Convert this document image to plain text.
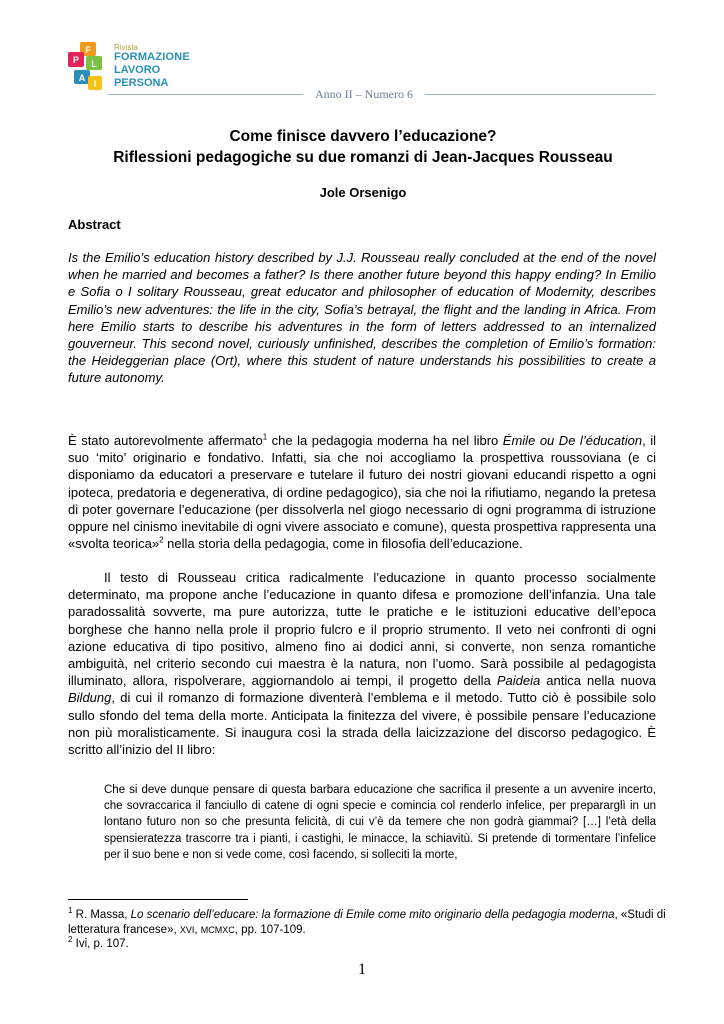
F
P L
A
I
Rivista
FORMAZIONE
LAVORO
PERSONA
Anno II – Numero 6
Come finisce davvero l’educazione?
Riflessioni pedagogiche su due romanzi di Jean-Jacques Rousseau
Jole Orsenigo
Abstract
Is the Emilio’s education history described by J.J. Rousseau really concluded at the end of the novel when he married and becomes a father? Is there another future beyond this happy ending? In Emilio e Sofia o I solitary Rousseau, great educator and philosopher of education of Modernity, describes Emilio’s new adventures: the life in the city, Sofia’s betrayal, the flight and the landing in Africa. From here Emilio starts to describe his adventures in the form of letters addressed to an internalized gouverneur. This second novel, curiously unfinished, describes the completion of Emilio’s formation: the Heideggerian place (Ort), where this student of nature understands his possibilities to create a future autonomy.
È stato autorevolmente affermato$^1$ che la pedagogia moderna ha nel libro Émile ou De l’éducation, il suo ‘mito’ originario e fondativo. Infatti, sia che noi accogliamo la prospettiva roussoviana (e ci disponiamo da educatori a preservare e tutelare il futuro dei nostri giovani educandi rispetto a ogni ipoteca, predatoria e degenerativa, di ordine pedagogico), sia che noi la rifiutiamo, negando la pretesa di poter governare l’educazione (per dissolverla nel giogo necessario di ogni programma di istruzione oppure nel cinismo inevitabile di ogni vivere associato e comune), questa prospettiva rappresenta una «svolta teorica»$^2$ nella storia della pedagogia, come in filosofia dell’educazione.
Il testo di Rousseau critica radicalmente l’educazione in quanto processo socialmente determinato, ma propone anche l’educazione in quanto difesa e promozione dell’infanzia. Una tale paradossalità sovverte, ma pure autorizza, tutte le pratiche e le istituzioni educative dell’epoca borghese che hanno nella prole il proprio fulcro e il proprio strumento. Il veto nei confronti di ogni azione educativa di tipo positivo, almeno fino ai dodici anni, si converte, non senza romantiche ambiguità, nel criterio secondo cui maestra è la natura, non l’uomo. Sarà possibile al pedagogista illuminato, allora, rispolverare, aggiornandolo ai tempi, il progetto della Paideia antica nella nuova Bildung, di cui il romanzo di formazione diventerà l’emblema e il metodo. Tutto ciò è possibile solo sullo sfondo del tema della morte. Anticipata la finitezza del vivere, è possibile pensare l’educazione non più moralisticamente. Si inaugura così la strada della laicizzazione del discorso pedagogico. È scritto all’inizio del II libro:
Che si deve dunque pensare di questa barbara educazione che sacrifica il presente a un avvenire incerto, che sovraccarica il fanciullo di catene di ogni specie e comincia col renderlo infelice, per prepararglì in un lontano futuro non so che presunta felicità, di cui v’è da temere che non godrà giammai? […] l’età della spensieratezza trascorre tra i pianti, i castighi, le minacce, la schiavitù. Si pretende di tormentare l’infelice per il suo bene e non si vede come, così facendo, si solleciti la morte,
$^1$ R. Massa, Lo scenario dell’educare: la formazione di Emile come mito originario della pedagogia moderna, «Studi di letteratura francese», XVI, MCMXC, pp. 107-109.
$^2$ Ivi, p. 107.
1
